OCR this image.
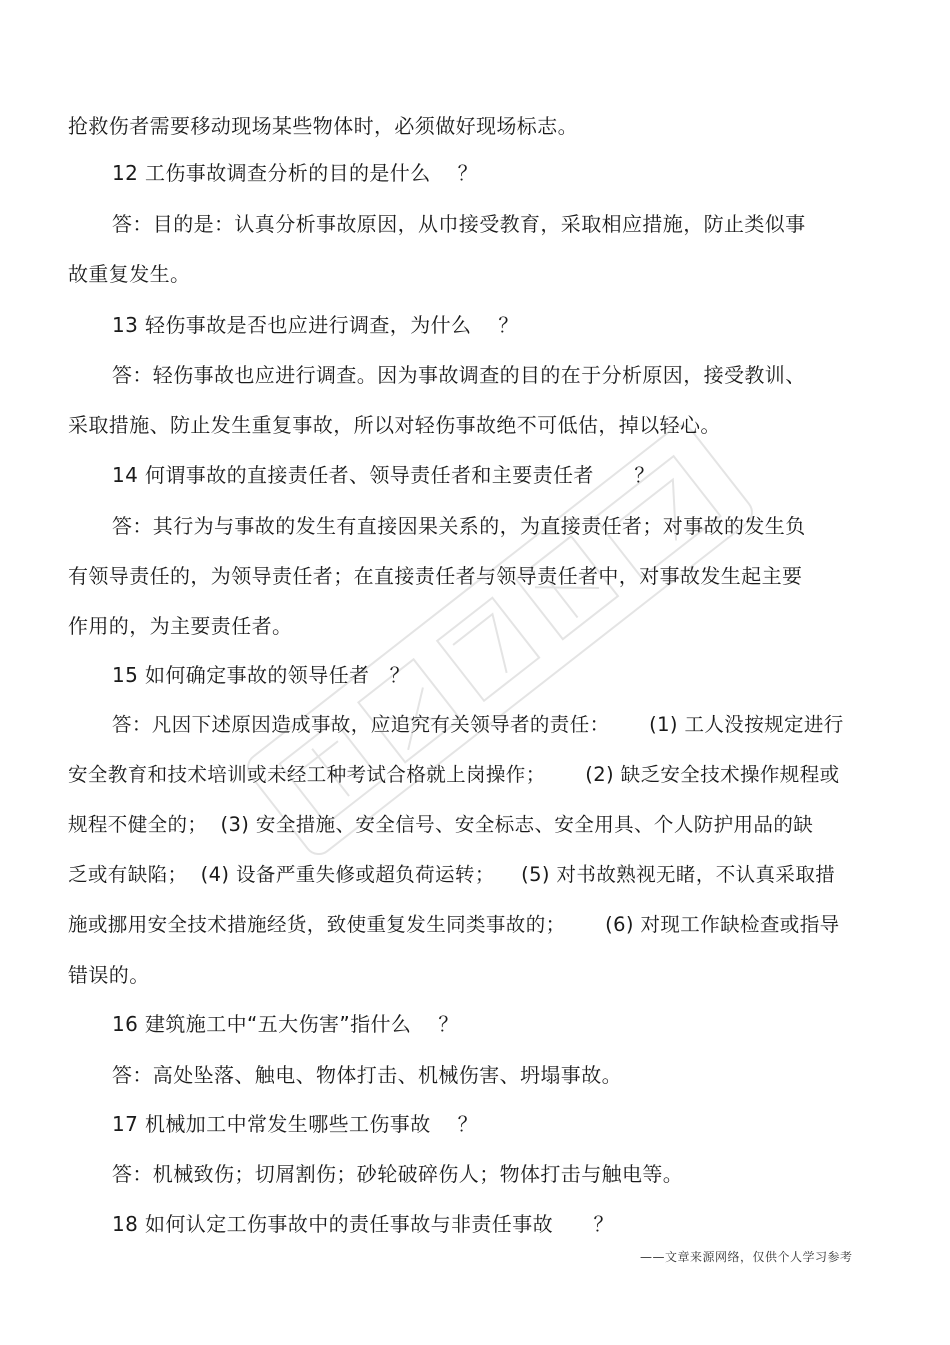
抢救伤者需要移动现场某些物体时，必须做好现场标志。
12 工伤事故调查分析的目的是什么    ？
答：目的是：认真分析事故原因，从巾接受教育，采取相应措施，防止类似事
故重复发生。
13 轻伤事故是否也应进行调查，为什么    ？
答：轻伤事故也应进行调查。因为事故调查的目的在于分析原因，接受教训、
采取措施、防止发生重复事故，所以对轻伤事故绝不可低估，掉以轻心。
14 何谓事故的直接责任者、领导责任者和主要责任者      ？
答：其行为与事故的发生有直接因果关系的，为直接责任者；对事故的发生负
有领导责任的，为领导责任者；在直接责任者与领导责任者中，对事故发生起主要
作用的，为主要责任者。
15 如何确定事故的领导任者   ？
答：凡因下述原因造成事故，应追究有关领导者的责任：      (1) 工人没按规定进行
安全教育和技术培训或未经工种考试合格就上岗操作；      (2) 缺乏安全技术操作规程或
规程不健全的；  (3) 安全措施、安全信号、安全标志、安全用具、个人防护用品的缺
乏或有缺陷；  (4) 设备严重失修或超负荷运转；    (5) 对书故熟视无睹，不认真采取措
施或挪用安全技术措施经货，致使重复发生同类事故的；      (6) 对现工作缺检查或指导
错误的。
16 建筑施工中“五大伤害”指什么    ？
答：高处坠落、触电、物体打击、机械伤害、坍塌事故。
17 机械加工中常发生哪些工伤事故    ？
答：机械致伤；切屑割伤；砂轮破碎伤人；物体打击与触电等。
18 如何认定工伤事故中的责任事故与非责任事故      ？
——文章来源网络，仅供个人学习参考
